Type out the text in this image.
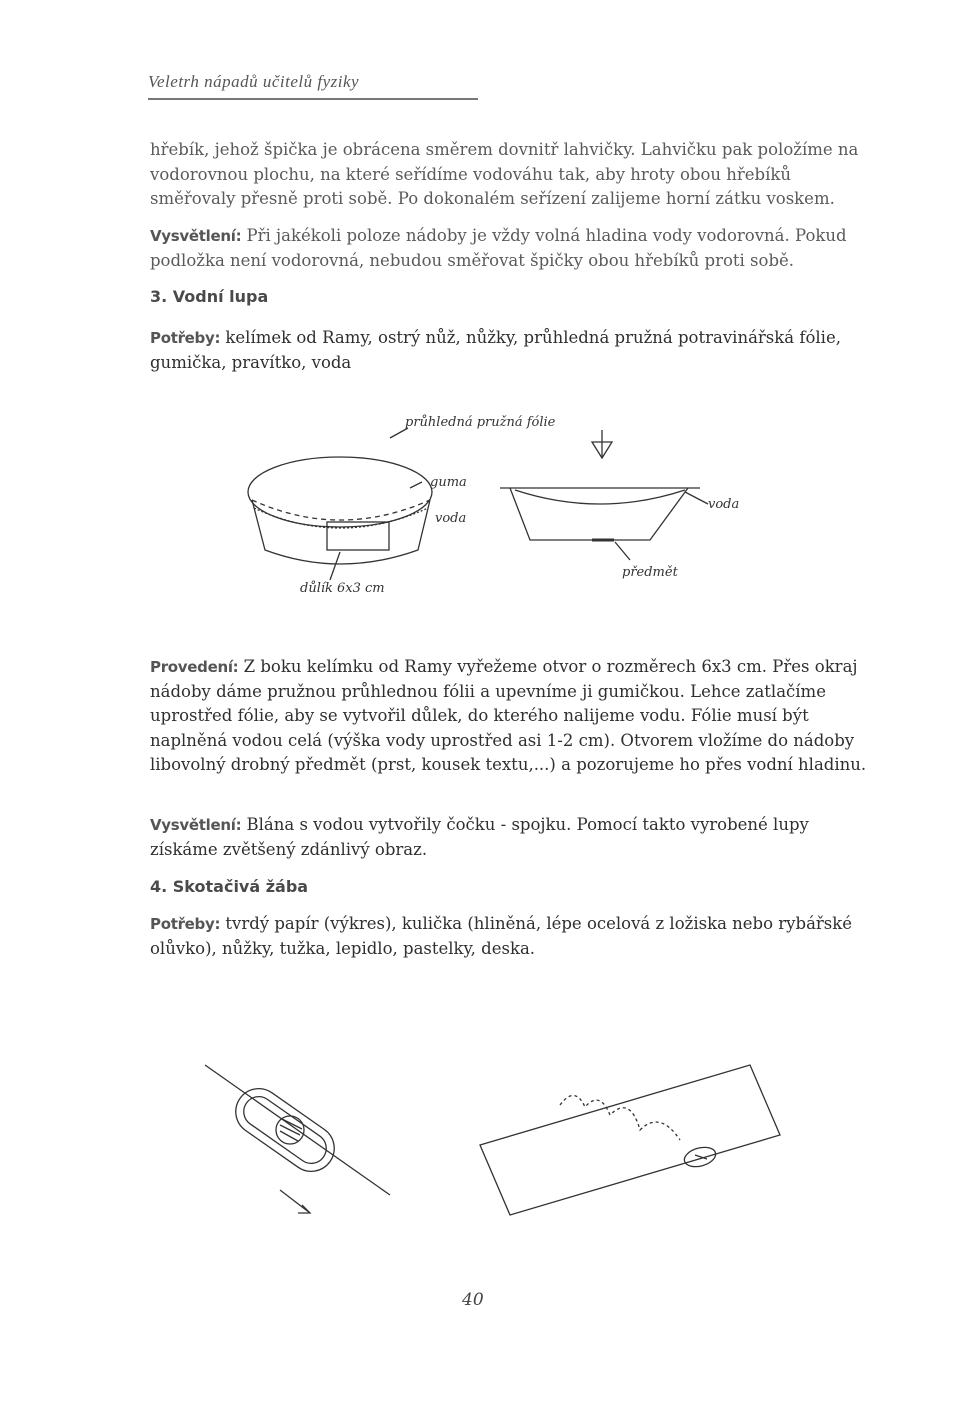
Veletrh nápadů učitelů fyziky

hřebík, jehož špička je obrácena směrem dovnitř lahvičky. Lahvičku pak položíme na vodorovnou plochu, na které seřídíme vodováhu tak, aby hroty obou hřebíků směřovaly přesně proti sobě. Po dokonalém seřízení zalijeme horní zátku voskem.

Vysvětlení: Při jakékoli poloze nádoby je vždy volná hladina vody vodorovná. Pokud podložka není vodorovná, nebudou směřovat špičky obou hřebíků proti sobě.

3. Vodní lupa

Potřeby: kelímek od Ramy, ostrý nůž, nůžky, průhledná pružná potravinářská fólie, gumička, pravítko, voda

průhledná pružná fólie
guma
voda
důlík 6x3 cm
voda
předmět

Provedení: Z boku kelímku od Ramy vyřežeme otvor o rozměrech 6x3 cm. Přes okraj nádoby dáme pružnou průhlednou fólii a upevníme ji gumičkou. Lehce zatlačíme uprostřed fólie, aby se vytvořil důlek, do kterého nalijeme vodu. Fólie musí být naplněná vodou celá (výška vody uprostřed asi 1-2 cm). Otvorem vložíme do nádoby libovolný drobný předmět (prst, kousek textu,...) a pozorujeme ho přes vodní hladinu.

Vysvětlení: Blána s vodou vytvořily čočku - spojku. Pomocí takto vyrobené lupy získáme zvětšený zdánlivý obraz.

4. Skotačivá žába

Potřeby: tvrdý papír (výkres), kulička (hliněná, lépe ocelová z ložiska nebo rybářské olůvko), nůžky, tužka, lepidlo, pastelky, deska.

40
